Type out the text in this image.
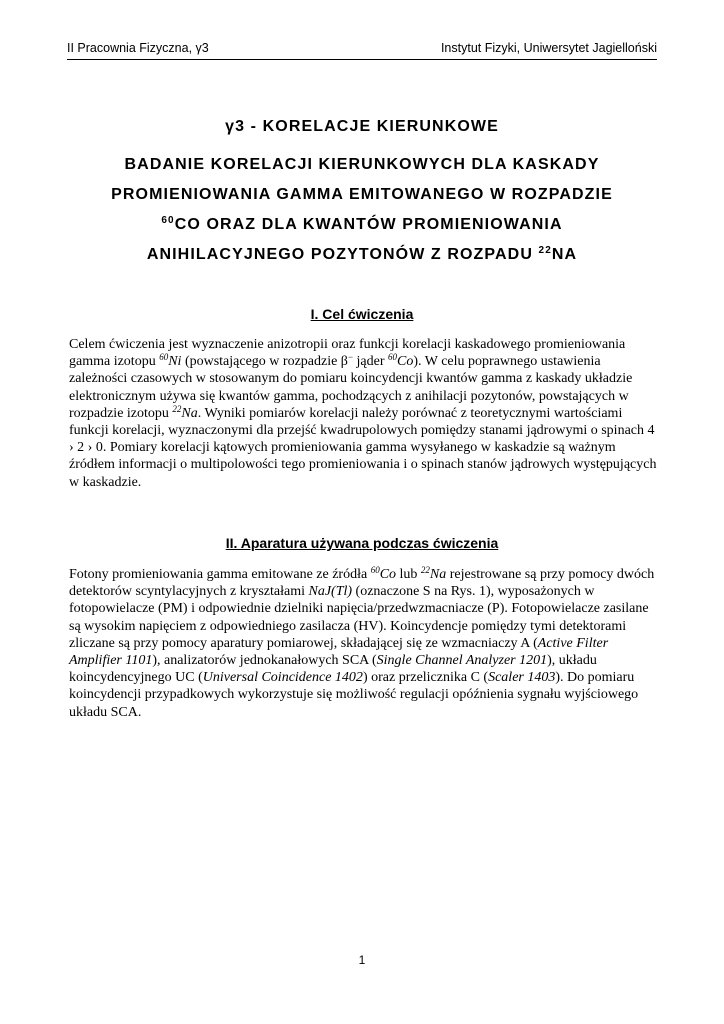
II Pracownia Fizyczna, γ3	Instytut Fizyki, Uniwersytet Jagielloński
γ3 - KORELACJE KIERUNKOWE
BADANIE KORELACJI KIERUNKOWYCH DLA KASKADY
PROMIENIOWANIA GAMMA EMITOWANEGO W ROZPADZIE
$^{60}$CO ORAZ DLA KWANTÓW PROMIENIOWANIA
ANIHILACYJNEGO POZYTONÓW Z ROZPADU $^{22}$NA
I. Cel ćwiczenia
Celem ćwiczenia jest wyznaczenie anizotropii oraz funkcji korelacji kaskadowego promieniowania gamma izotopu $^{60}$Ni (powstającego w rozpadzie β− jąder $^{60}$Co). W celu poprawnego ustawienia zależności czasowych w stosowanym do pomiaru koincydencji kwantów gamma z kaskady układzie elektronicznym używa się kwantów gamma, pochodzących z anihilacji pozytonów, powstających w rozpadzie izotopu $^{22}$Na. Wyniki pomiarów korelacji należy porównać z teoretycznymi wartościami funkcji korelacji, wyznaczonymi dla przejść kwadrupolowych pomiędzy stanami jądrowymi o spinach 4 › 2 › 0. Pomiary korelacji kątowych promieniowania gamma wysyłanego w kaskadzie są ważnym źródłem informacji o multipolowości tego promieniowania i o spinach stanów jądrowych występujących w kaskadzie.
II. Aparatura używana podczas ćwiczenia
Fotony promieniowania gamma emitowane ze źródła $^{60}$Co lub $^{22}$Na rejestrowane są przy pomocy dwóch detektorów scyntylacyjnych z kryształami NaJ(Tl) (oznaczone S na Rys. 1), wyposażonych w fotopowielacze (PM) i odpowiednie dzielniki napięcia/przedwzmacniacze (P). Fotopowielacze zasilane są wysokim napięciem z odpowiedniego zasilacza (HV). Koincydencje pomiędzy tymi detektorami zliczane są przy pomocy aparatury pomiarowej, składającej się ze wzmacniaczy A (Active Filter Amplifier 1101), analizatorów jednokanałowych SCA (Single Channel Analyzer 1201), układu koincydencyjnego UC (Universal Coincidence 1402) oraz przelicznika C (Scaler 1403). Do pomiaru koincydencji przypadkowych wykorzystuje się możliwość regulacji opóźnienia sygnału wyjściowego układu SCA.
1
